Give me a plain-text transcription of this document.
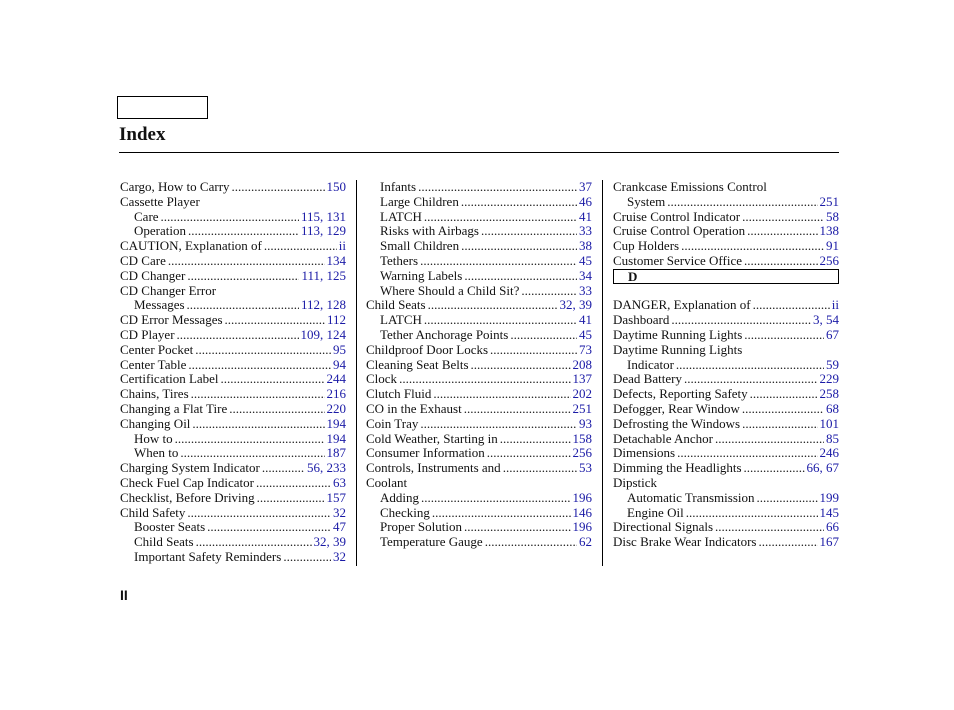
Index
Cargo, How to Carry .....	150
Cassette Player
Care .....	115, 131
Operation .....	113, 129
CAUTION, Explanation of .....	ii
CD Care .....	134
CD Changer .....	111, 125
CD Changer Error
Messages .....	112, 128
CD Error Messages .....	112
CD Player .....	109, 124
Center Pocket .....	95
Center Table .....	94
Certification Label .....	244
Chains, Tires .....	216
Changing a Flat Tire .....	220
Changing Oil .....	194
How to .....	194
When to .....	187
Charging System Indicator .....	56, 233
Check Fuel Cap Indicator .....	63
Checklist, Before Driving .....	157
Child Safety .....	32
Booster Seats .....	47
Child Seats .....	32, 39
Important Safety Reminders .....	32
Infants .....	37
Large Children .....	46
LATCH .....	41
Risks with Airbags .....	33
Small Children .....	38
Tethers .....	45
Warning Labels .....	34
Where Should a Child Sit? .....	33
Child Seats .....	32, 39
LATCH .....	41
Tether Anchorage Points .....	45
Childproof Door Locks .....	73
Cleaning Seat Belts .....	208
Clock .....	137
Clutch Fluid .....	202
CO in the Exhaust .....	251
Coin Tray .....	93
Cold Weather, Starting in .....	158
Consumer Information .....	256
Controls, Instruments and .....	53
Coolant
Adding .....	196
Checking .....	146
Proper Solution .....	196
Temperature Gauge .....	62
Crankcase Emissions Control
System .....	251
Cruise Control Indicator .....	58
Cruise Control Operation .....	138
Cup Holders .....	91
Customer Service Office .....	256
D
DANGER, Explanation of .....	ii
Dashboard .....	3, 54
Daytime Running Lights .....	67
Daytime Running Lights
Indicator .....	59
Dead Battery .....	229
Defects, Reporting Safety .....	258
Defogger, Rear Window .....	68
Defrosting the Windows .....	101
Detachable Anchor .....	85
Dimensions .....	246
Dimming the Headlights .....	66, 67
Dipstick
Automatic Transmission .....	199
Engine Oil .....	145
Directional Signals .....	66
Disc Brake Wear Indicators .....	167
II
